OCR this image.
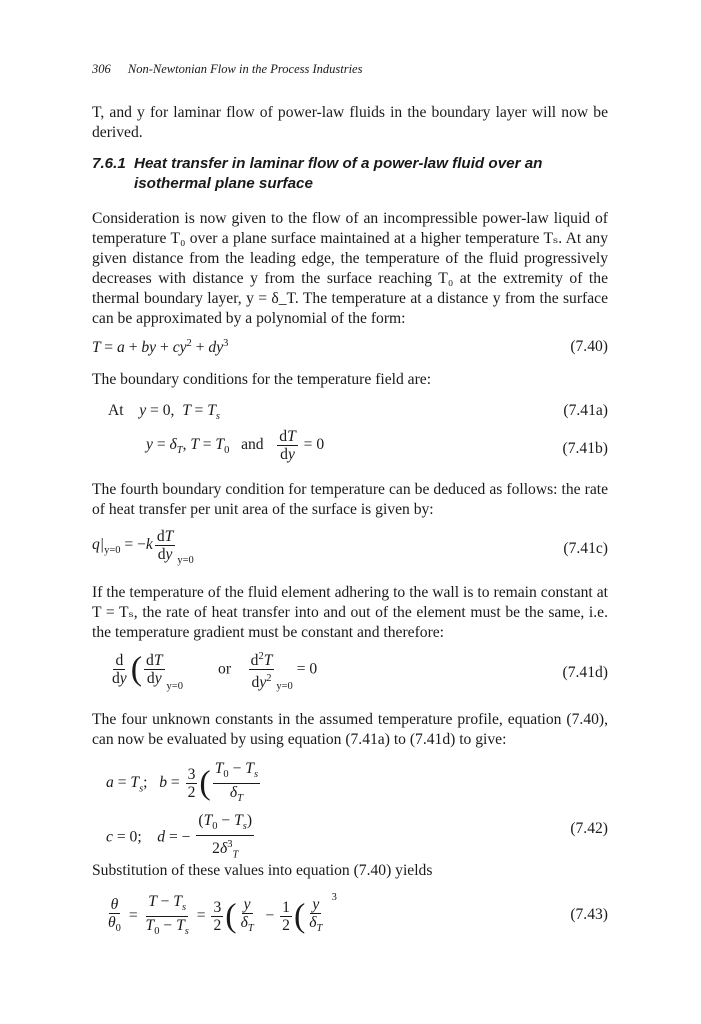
306 Non-Newtonian Flow in the Process Industries
T, and y for laminar flow of power-law fluids in the boundary layer will now be derived.
7.6.1 Heat transfer in laminar flow of a power-law fluid over an
isothermal plane surface
Consideration is now given to the flow of an incompressible power-law liquid of temperature T₀ over a plane surface maintained at a higher temperature Tₛ. At any given distance from the leading edge, the temperature of the fluid progressively decreases with distance y from the surface reaching T₀ at the extremity of the thermal boundary layer, y = δ_T. The temperature at a distance y from the surface can be approximated by a polynomial of the form:
T = a + by + $cy^2 + dy^3$	(7.40)
The boundary conditions for the temperature field are:
At    y = 0,  $T = T_s$	(7.41a)
$y = \delta_T$, $T = T_0$ and $\frac{dT}{dy} = 0$	(7.41b)
The fourth boundary condition for temperature can be deduced as follows: the rate of heat transfer per unit area of the surface is given by:
$q|_{y=0} = -k \frac{dT}{dy} _{y=0}$
(7.41c)
If the temperature of the fluid element adhering to the wall is to remain constant at T = Tₛ, the rate of heat transfer into and out of the element must be the same, i.e. the temperature gradient must be constant and therefore:
$\frac{d}{dy}$ ( $\frac{dT}{dy} _{y=0}$         or $\frac{d^2T}{dy^2} _{y=0} = 0$	(7.41d)
The four unknown constants in the assumed temperature profile, equation (7.40), can now be evaluated by using equation (7.41a) to (7.41d) to give:
$a = T_s$;   $b = \frac{3}{2}$ ( $\frac{T_0 - T_s}{\delta_T}$
c = 0;    d = − $\frac{(T_0 - T_s)}{2\delta^3_T}$	(7.42)
Substitution of these values into equation (7.40) yields
$\frac{\theta}{\theta_0} = \frac{T - T_s}{T_0 - T_s} = \frac{3}{2}$ ( $\frac{y}{\delta_T} - \frac{1}{2}$ ( $\frac{y}{\delta_T} ^3$
(7.43)
